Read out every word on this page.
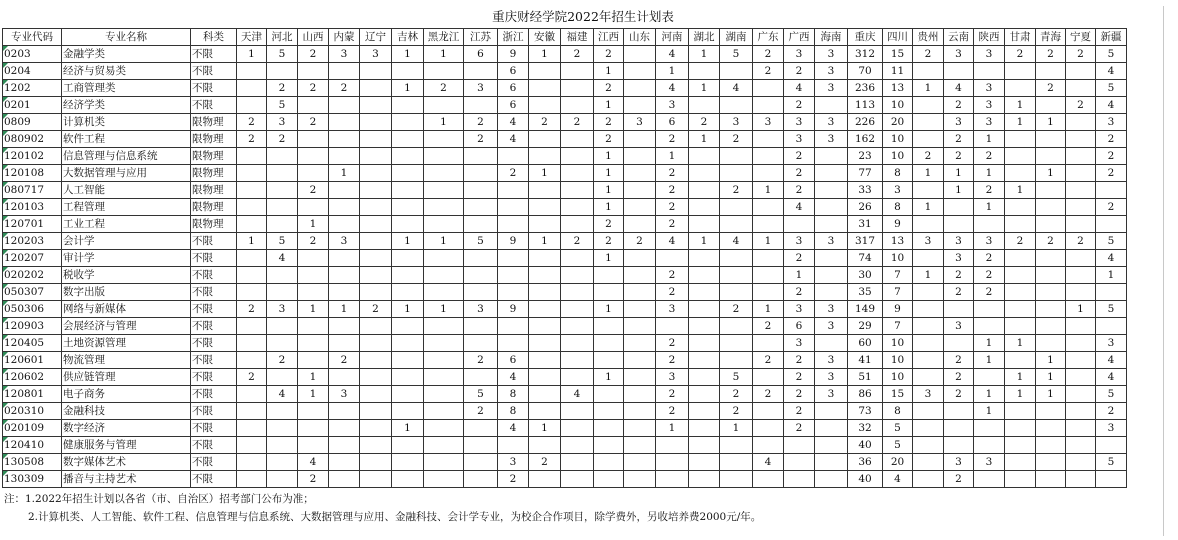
重庆财经学院2022年招生计划表
专业代码	专业名称	科类	天津	河北	山西	内蒙	辽宁	吉林	黑龙江	江苏	浙江	安徽	福建	江西	山东	河南	湖北	湖南	广东	广西	海南	重庆	四川	贵州	云南	陕西	甘肃	青海	宁夏	新疆
0203	金融学类	不限	1	5	2	3	3	1	1	6	9	1	2	2		4	1	5	2	3	3	312	15	2	3	3	2	2	2	5
0204	经济与贸易类	不限									6			1		1			2	2	3	70	11							4
1202	工商管理类	不限		2	2	2		1	2	3	6			2		4	1	4		4	3	236	13	1	4	3		2		5
0201	经济学类	不限		5							6			1		3				2		113	10		2	3	1		2	4
0809	计算机类	限物理	2	3	2				1	2	4	2	2	2	3	6	2	3	3	3	3	226	20		3	3	1	1		3
080902	软件工程	限物理	2	2						2	4			2		2	1	2		3	3	162	10		2	1				2
120102	信息管理与信息系统	限物理												1		1				2		23	10	2	2	2				2
120108	大数据管理与应用	限物理				1					2	1		1		2				2		77	8	1	1	1		1		2
080717	人工智能	限物理			2									1		2		2	1	2		33	3		1	2	1			
120103	工程管理	限物理												1		2				4		26	8	1		1				2
120701	工业工程	限物理			1									2		2						31	9							
120203	会计学	不限	1	5	2	3		1	1	5	9	1	2	2	2	4	1	4	1	3	3	317	13	3	3	3	2	2	2	5
120207	审计学	不限		4										1						2		74	10		3	2				4
020202	税收学	不限														2				1		30	7	1	2	2				1
050307	数字出版	不限														2				2		35	7		2	2				
050306	网络与新媒体	不限	2	3	1	1	2	1	1	3	9			1		3		2	1	3	3	149	9						1	5
120903	会展经济与管理	不限																	2	6	3	29	7		3					
120405	土地资源管理	不限														2				3		60	10			1	1			3
120601	物流管理	不限		2		2				2	6					2			2	2	3	41	10		2	1		1		4
120602	供应链管理	不限	2		1						4			1		3		5		2	3	51	10		2		1	1		4
120801	电子商务	不限		4	1	3				5	8		4			2		2	2	2	3	86	15	3	2	1	1	1		5
020310	金融科技	不限								2	8					2		2		2		73	8			1				2
020109	数字经济	不限						1			4	1				1		1		2		32	5							3
120410	健康服务与管理	不限																				40	5							
130508	数字媒体艺术	不限			4						3	2							4			36	20		3	3				5
130309	播音与主持艺术	不限			2						2											40	4		2					
注：1.2022年招生计划以各省（市、自治区）招考部门公布为准；
2.计算机类、人工智能、软件工程、信息管理与信息系统、大数据管理与应用、金融科技、会计学专业，为校企合作项目，除学费外，另收培养费2000元/年。
